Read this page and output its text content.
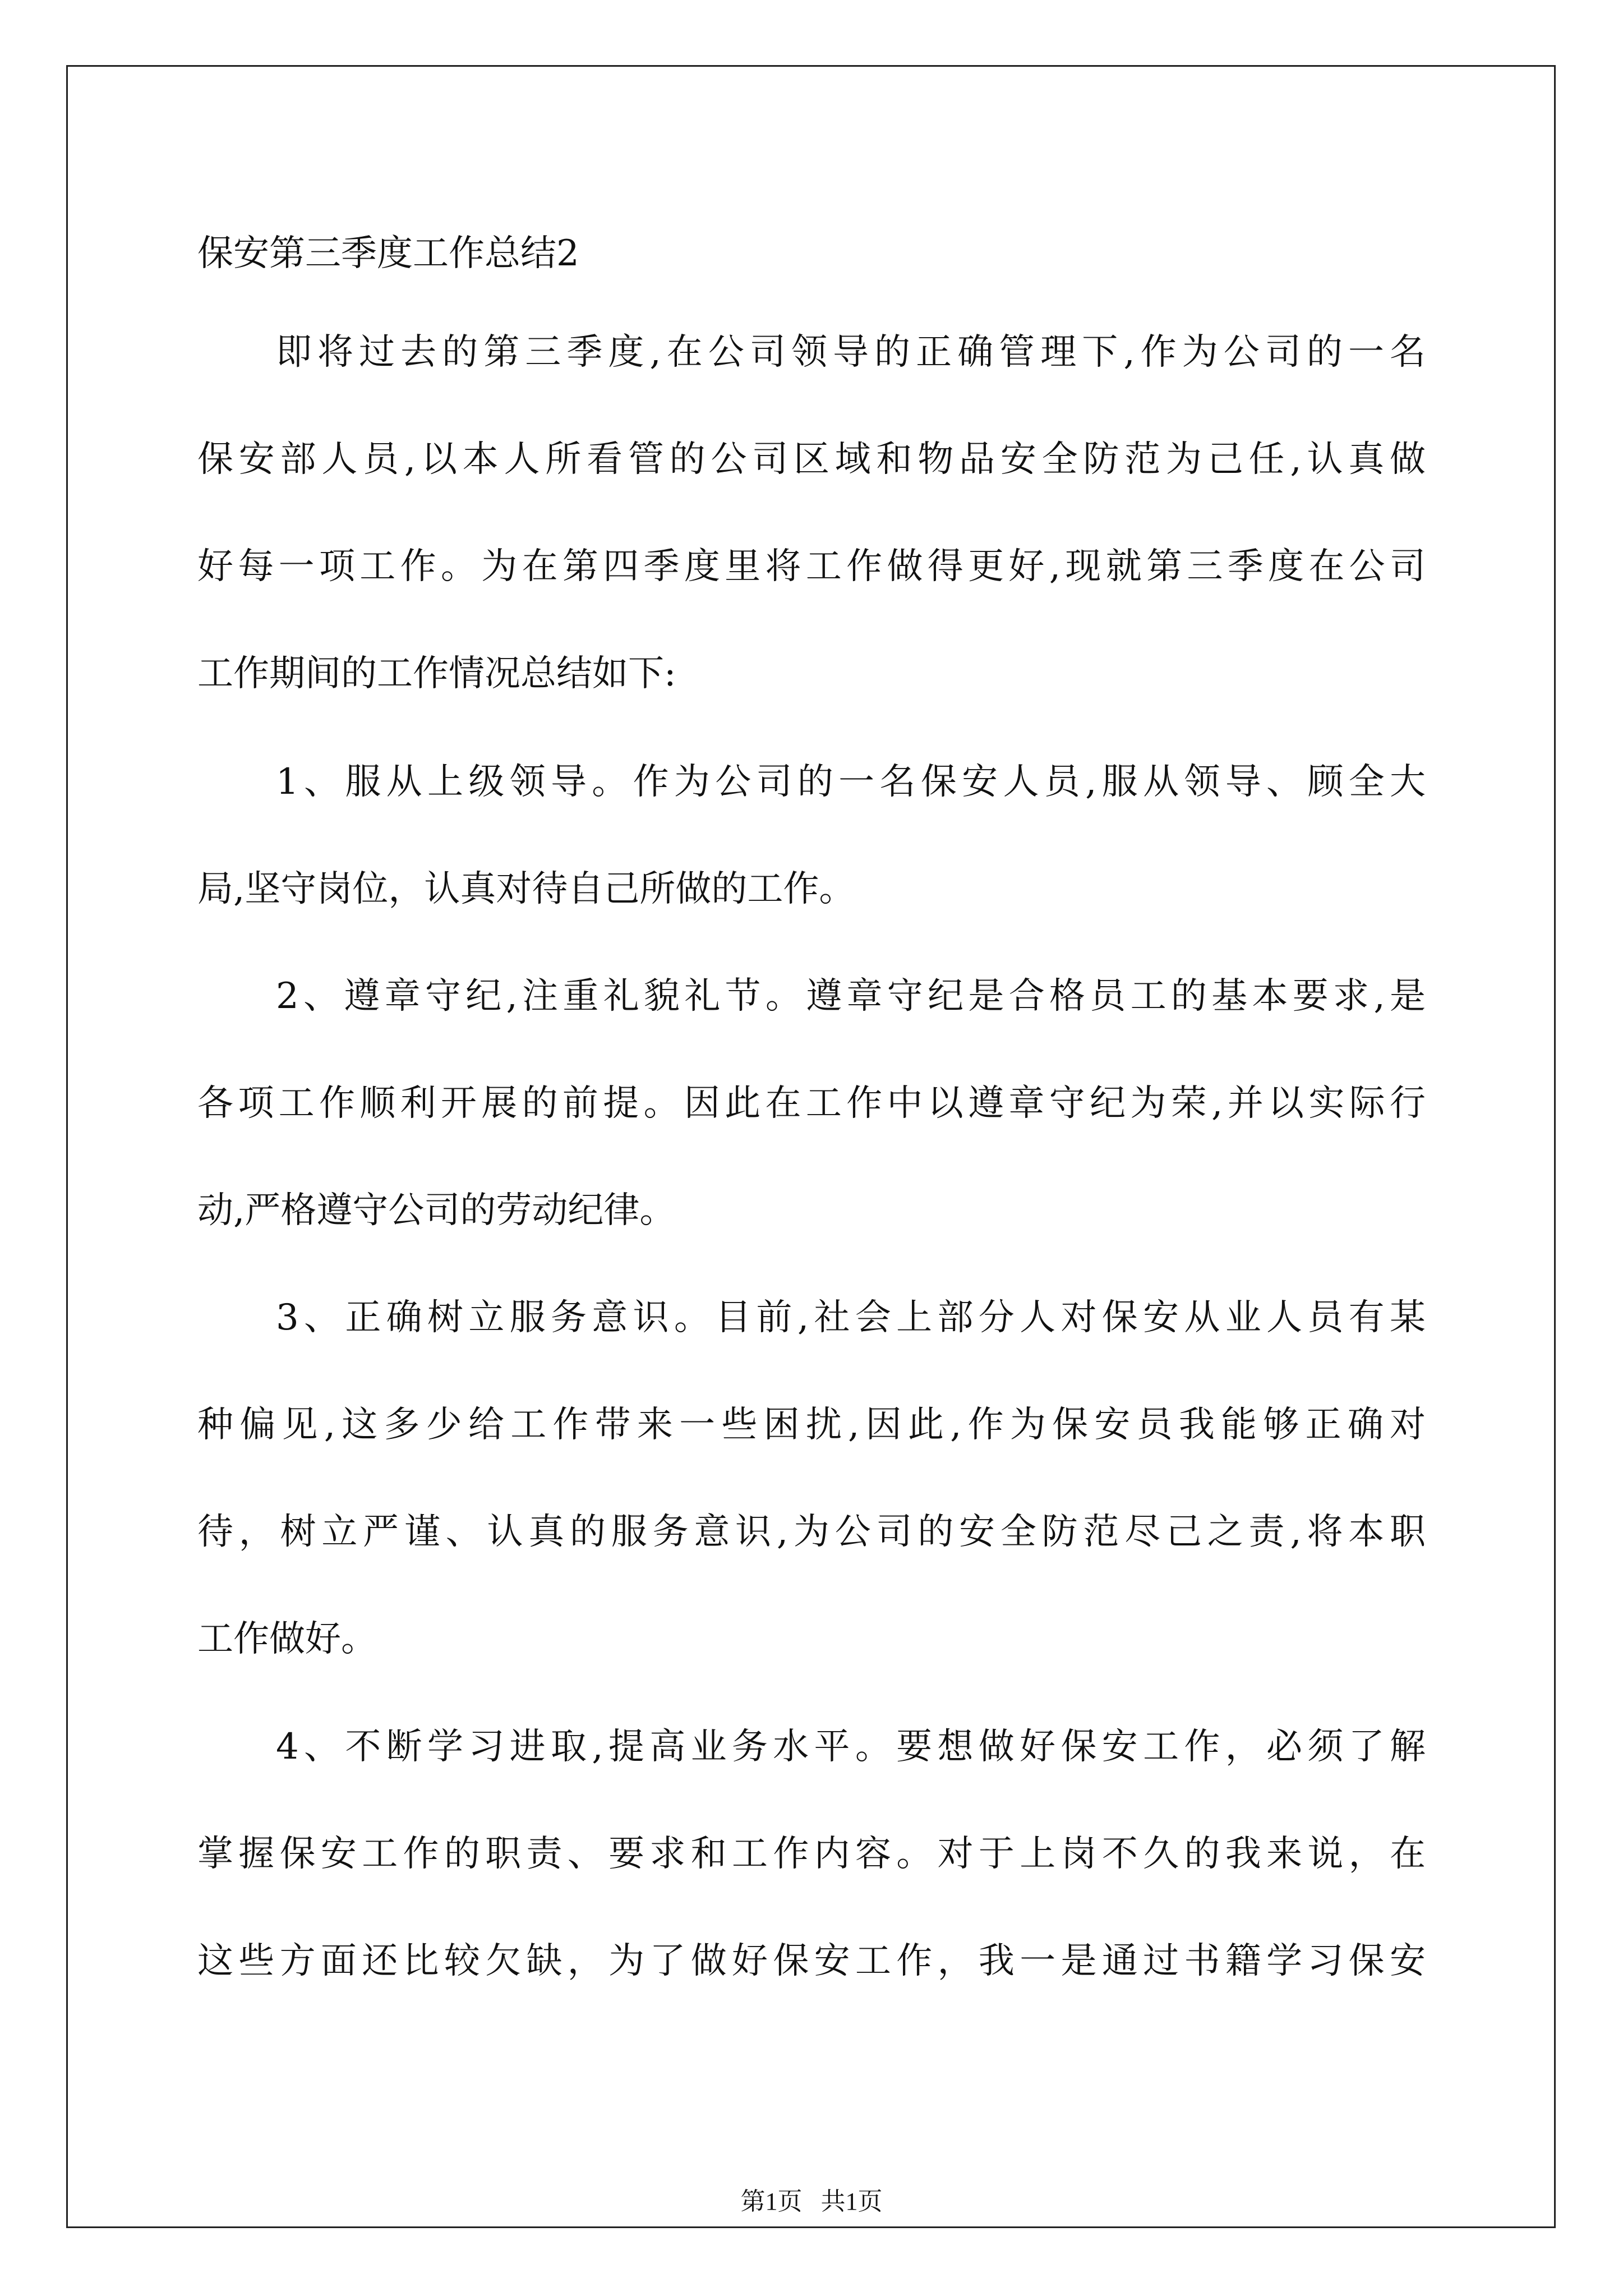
保安第三季度工作总结2
即将过去的第三季度,在公司领导的正确管理下,作为公司的一名
保安部人员,以本人所看管的公司区域和物品安全防范为己任,认真做
好每一项工作。为在第四季度里将工作做得更好,现就第三季度在公司
工作期间的工作情况总结如下:
1、服从上级领导。作为公司的一名保安人员,服从领导、顾全大
局,坚守岗位，认真对待自己所做的工作。
2、遵章守纪,注重礼貌礼节。遵章守纪是合格员工的基本要求,是
各项工作顺利开展的前提。因此在工作中以遵章守纪为荣,并以实际行
动,严格遵守公司的劳动纪律。
3、正确树立服务意识。目前,社会上部分人对保安从业人员有某
种偏见,这多少给工作带来一些困扰,因此,作为保安员我能够正确对
待，树立严谨、认真的服务意识,为公司的安全防范尽己之责,将本职
工作做好。
4、不断学习进取,提高业务水平。要想做好保安工作，必须了解
掌握保安工作的职责、要求和工作内容。对于上岗不久的我来说，在
这些方面还比较欠缺，为了做好保安工作，我一是通过书籍学习保安
第1页   共1页
